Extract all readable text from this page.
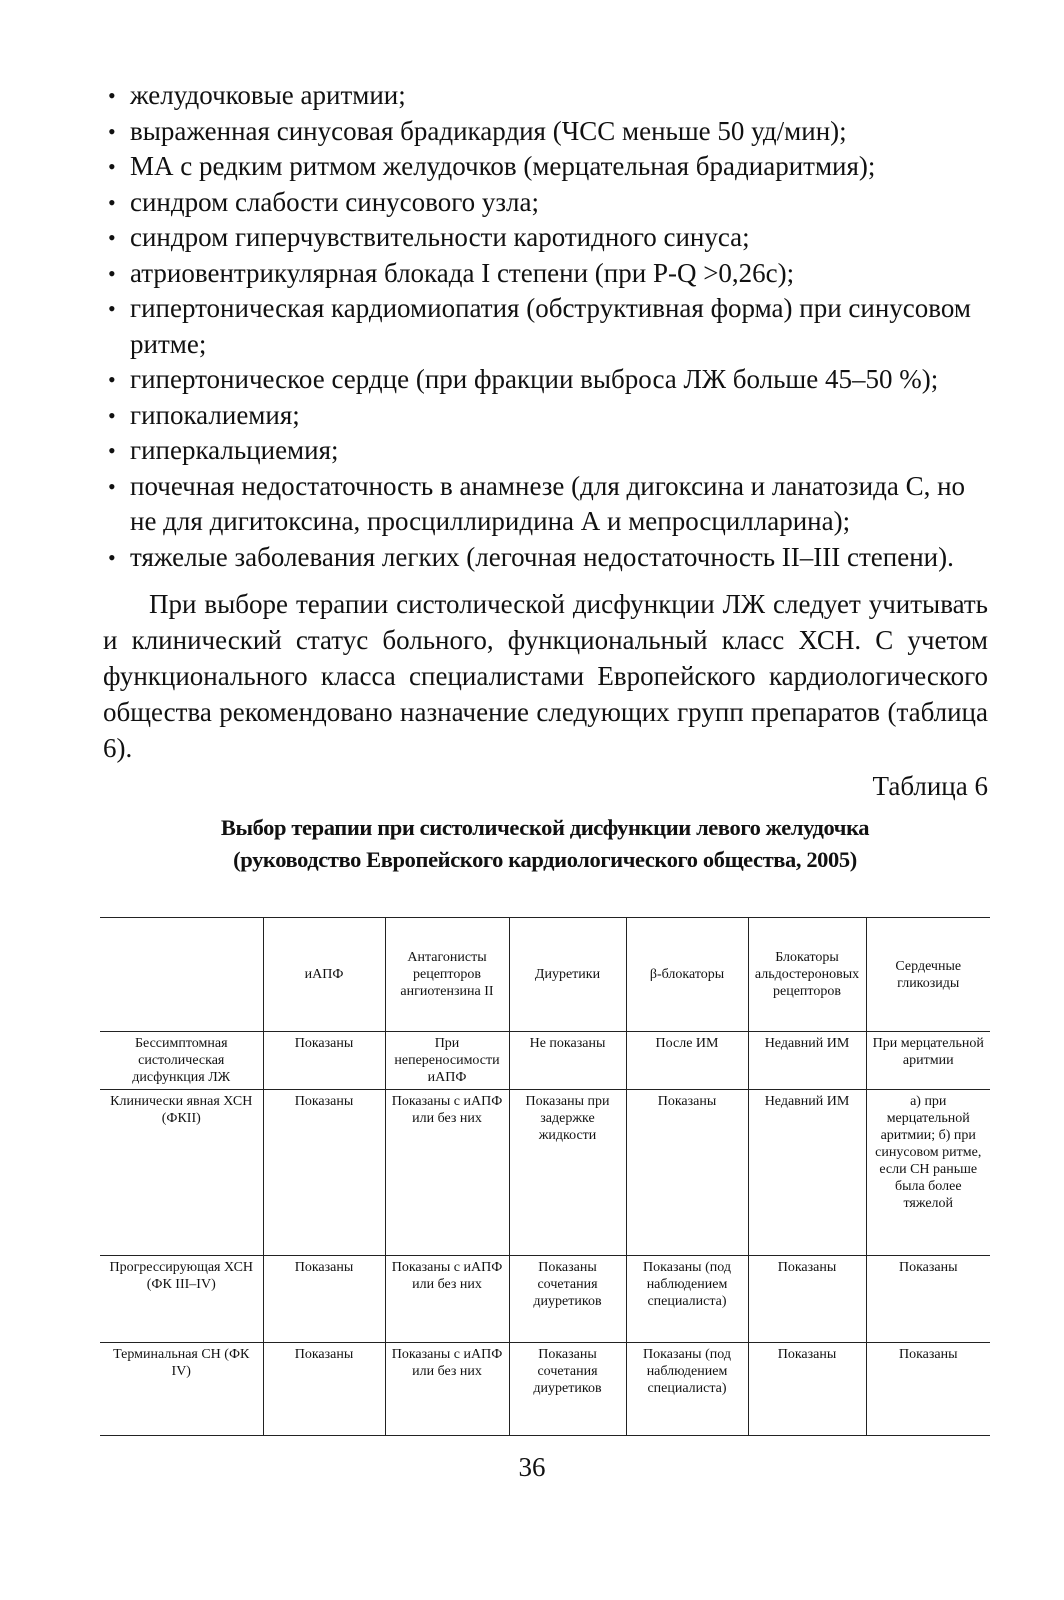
• желудочковые аритмии;
• выраженная синусовая брадикардия (ЧСС меньше 50 уд/мин);
• МА с редким ритмом желудочков (мерцательная брадиаритмия);
• синдром слабости синусового узла;
• синдром гиперчувствительности каротидного синуса;
• атриовентрикулярная блокада I степени (при P-Q >0,26с);
• гипертоническая кардиомиопатия (обструктивная форма) при синусовом ритме;
• гипертоническое сердце (при фракции выброса ЛЖ больше 45–50 %);
• гипокалиемия;
• гиперкальциемия;
• почечная недостаточность в анамнезе (для дигоксина и ланатозида С, но не для дигитоксина, просциллиридина А и мепросцилларина);
• тяжелые заболевания легких (легочная недостаточность II–III степени).

При выборе терапии систолической дисфункции ЛЖ следует учитывать и клинический статус больного, функциональный класс ХСН. С учетом функционального класса специалистами Европейского кардиологического общества рекомендовано назначение следующих групп препаратов (таблица 6).

Таблица 6
Выбор терапии при систолической дисфункции левого желудочка
(руководство Европейского кардиологического общества, 2005)
	иАПФ	Антагонисты рецепторов ангиотензина II	Диуретики	β-блокаторы	Блокаторы альдостероновых рецепторов	Сердечные гликозиды
Бессимптомная систолическая дисфункция ЛЖ	Показаны	При непереносимости иАПФ	Не показаны	После ИМ	Недавний ИМ	При мерцательной аритмии
Клинически явная ХСН (ФКII)	Показаны	Показаны с иАПФ или без них	Показаны при задержке жидкости	Показаны	Недавний ИМ	а) при мерцательной аритмии; б) при синусовом ритме, если СН раньше была более тяжелой
Прогрессирующая ХСН (ФК III–IV)	Показаны	Показаны с иАПФ или без них	Показаны сочетания диуретиков	Показаны (под наблюдением специалиста)	Показаны	Показаны
Терминальная СН (ФК IV)	Показаны	Показаны с иАПФ или без них	Показаны сочетания диуретиков	Показаны (под наблюдением специалиста)	Показаны	Показаны
36
